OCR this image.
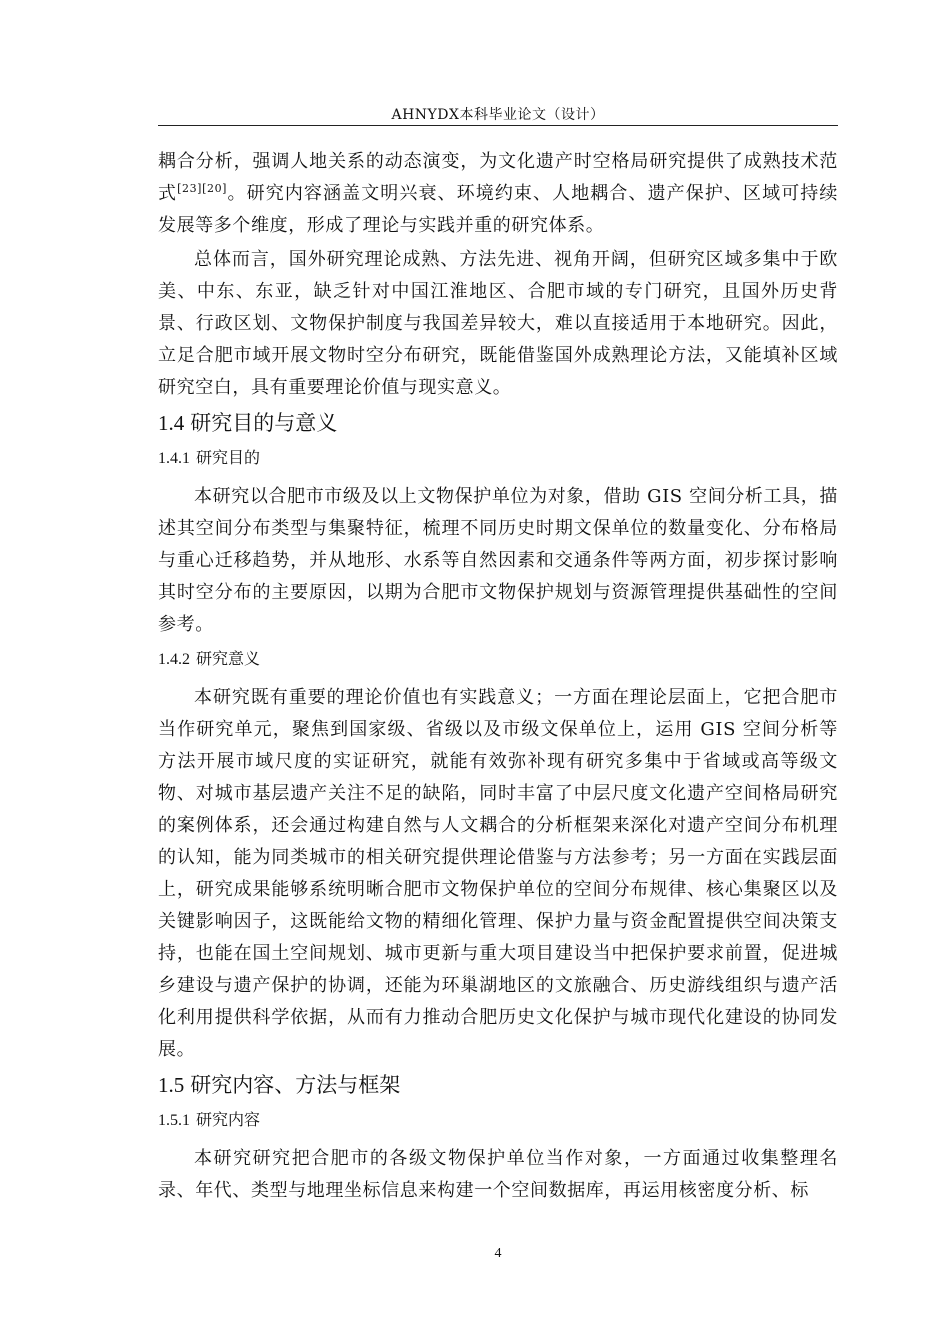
AHNYDX本科毕业论文（设计）

耦合分析，强调人地关系的动态演变，为文化遗产时空格局研究提供了成熟技术范式[23][20]。研究内容涵盖文明兴衰、环境约束、人地耦合、遗产保护、区域可持续发展等多个维度，形成了理论与实践并重的研究体系。

总体而言，国外研究理论成熟、方法先进、视角开阔，但研究区域多集中于欧美、中东、东亚，缺乏针对中国江淮地区、合肥市域的专门研究，且国外历史背景、行政区划、文物保护制度与我国差异较大，难以直接适用于本地研究。因此，立足合肥市域开展文物时空分布研究，既能借鉴国外成熟理论方法，又能填补区域研究空白，具有重要理论价值与现实意义。

1.4 研究目的与意义
1.4.1 研究目的

本研究以合肥市市级及以上文物保护单位为对象，借助 GIS 空间分析工具，描述其空间分布类型与集聚特征，梳理不同历史时期文保单位的数量变化、分布格局与重心迁移趋势，并从地形、水系等自然因素和交通条件等两方面，初步探讨影响其时空分布的主要原因，以期为合肥市文物保护规划与资源管理提供基础性的空间参考。

1.4.2 研究意义

本研究既有重要的理论价值也有实践意义；一方面在理论层面上，它把合肥市当作研究单元，聚焦到国家级、省级以及市级文保单位上，运用 GIS 空间分析等方法开展市域尺度的实证研究，就能有效弥补现有研究多集中于省域或高等级文物、对城市基层遗产关注不足的缺陷，同时丰富了中层尺度文化遗产空间格局研究的案例体系，还会通过构建自然与人文耦合的分析框架来深化对遗产空间分布机理的认知，能为同类城市的相关研究提供理论借鉴与方法参考；另一方面在实践层面上，研究成果能够系统明晰合肥市文物保护单位的空间分布规律、核心集聚区以及关键影响因子，这既能给文物的精细化管理、保护力量与资金配置提供空间决策支持，也能在国土空间规划、城市更新与重大项目建设当中把保护要求前置，促进城乡建设与遗产保护的协调，还能为环巢湖地区的文旅融合、历史游线组织与遗产活化利用提供科学依据，从而有力推动合肥历史文化保护与城市现代化建设的协同发展。

1.5 研究内容、方法与框架
1.5.1 研究内容

本研究研究把合肥市的各级文物保护单位当作对象，一方面通过收集整理名录、年代、类型与地理坐标信息来构建一个空间数据库，再运用核密度分析、标

4
